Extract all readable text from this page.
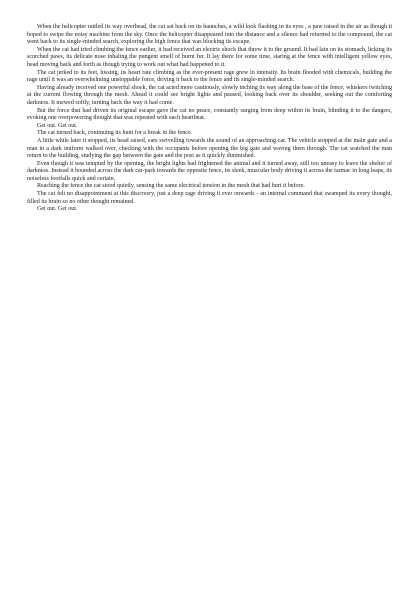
When the helicopter rattled its way overhead, the cat sat back on its haunches, a wild look flashing in its eyes , a paw raised in the air as though it hoped to swipe the noisy machine from the sky. Once the helicopter disappeared into the distance and a silence had returned to the compound, the cat went back to its single-minded search, exploring the high fence that was blocking its escape.

When the cat had tried climbing the fence earlier, it had received an electric shock that threw it to the ground. It had lain on its stomach, licking its scorched paws, its delicate nose inhaling the pungent smell of burnt fur. It lay there for some time, staring at the fence with intelligent yellow eyes, head moving back and forth as though trying to work out what had happened to it.

The cat jerked to its feet, hissing, its heart rate climbing as the ever-present rage grew in intensity. Its brain flooded with chemicals, building the rage until it was an overwhelming unstoppable force, driving it back to the fence and its single-minded search.

Having already received one powerful shock, the cat acted more cautiously, slowly inching its way along the base of the fence, whiskers twitching at the current flowing through the mesh. Ahead it could see bright lights and paused, looking back over its shoulder, seeking out the comforting darkness. It mewed softly, turning back the way it had come.

But the force that had driven its original escape gave the cat no peace, constantly surging from deep within its brain, blinding it to the dangers, evoking one overpowering thought that was repeated with each heartbeat.

Get out. Get out.

The cat turned back, continuing its hunt for a break in the fence.

A little while later it stopped, its head raised, ears swivelling towards the sound of an approaching car. The vehicle stopped at the main gate and a man in a dark uniform walked over, checking with the occupants before opening the big gate and waving them through. The cat watched the man return to the building, studying the gap between the gate and the post as it quickly diminished.

Even though it was tempted by the opening, the bright lights had frightened the animal and it turned away, still too uneasy to leave the shelter of darkness. Instead it bounded across the dark car-park towards the opposite fence, its sleek, muscular body driving it across the tarmac in long leaps, its noiseless footfalls quick and certain.

Reaching the fence the cat stood quietly, sensing the same electrical tension in the mesh that had hurt it before.

The cat felt no disappointment at this discovery, just a deep rage driving it ever onwards - an internal command that swamped its every thought, filled its brain so no other thought remained.

Get out. Get out.
